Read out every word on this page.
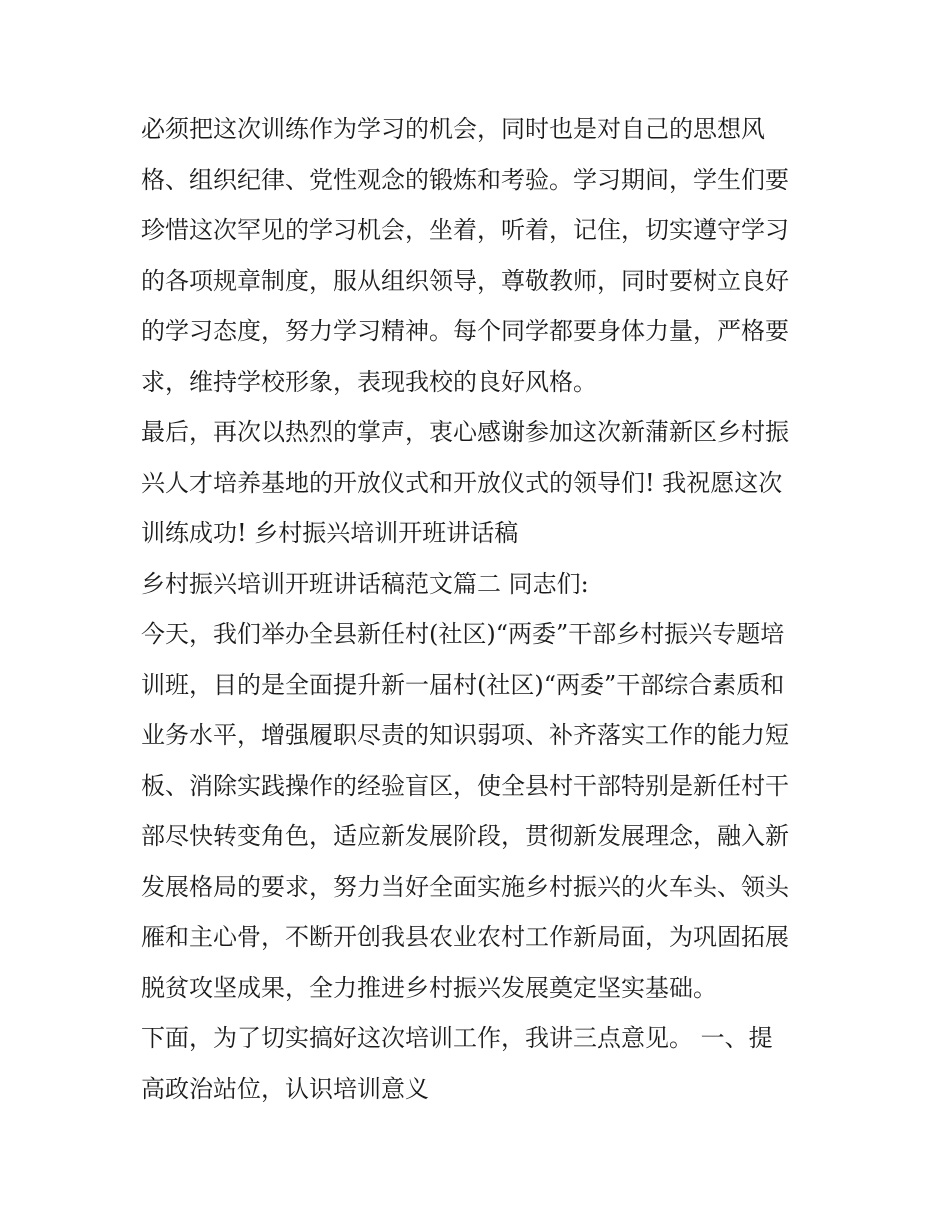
必须把这次训练作为学习的机会，同时也是对自己的思想风
格、组织纪律、党性观念的锻炼和考验。学习期间，学生们要
珍惜这次罕见的学习机会，坐着，听着，记住，切实遵守学习
的各项规章制度，服从组织领导，尊敬教师，同时要树立良好
的学习态度，努力学习精神。每个同学都要身体力量，严格要
求，维持学校形象，表现我校的良好风格。
最后，再次以热烈的掌声，衷心感谢参加这次新蒲新区乡村振
兴人才培养基地的开放仪式和开放仪式的领导们! 我祝愿这次
训练成功! 乡村振兴培训开班讲话稿
乡村振兴培训开班讲话稿范文篇二 同志们:
今天，我们举办全县新任村(社区)“两委”干部乡村振兴专题培
训班，目的是全面提升新一届村(社区)“两委”干部综合素质和
业务水平，增强履职尽责的知识弱项、补齐落实工作的能力短
板、消除实践操作的经验盲区，使全县村干部特别是新任村干
部尽快转变角色，适应新发展阶段，贯彻新发展理念，融入新
发展格局的要求，努力当好全面实施乡村振兴的火车头、领头
雁和主心骨，不断开创我县农业农村工作新局面，为巩固拓展
脱贫攻坚成果，全力推进乡村振兴发展奠定坚实基础。
下面，为了切实搞好这次培训工作，我讲三点意见。 一、提
高政治站位，认识培训意义
